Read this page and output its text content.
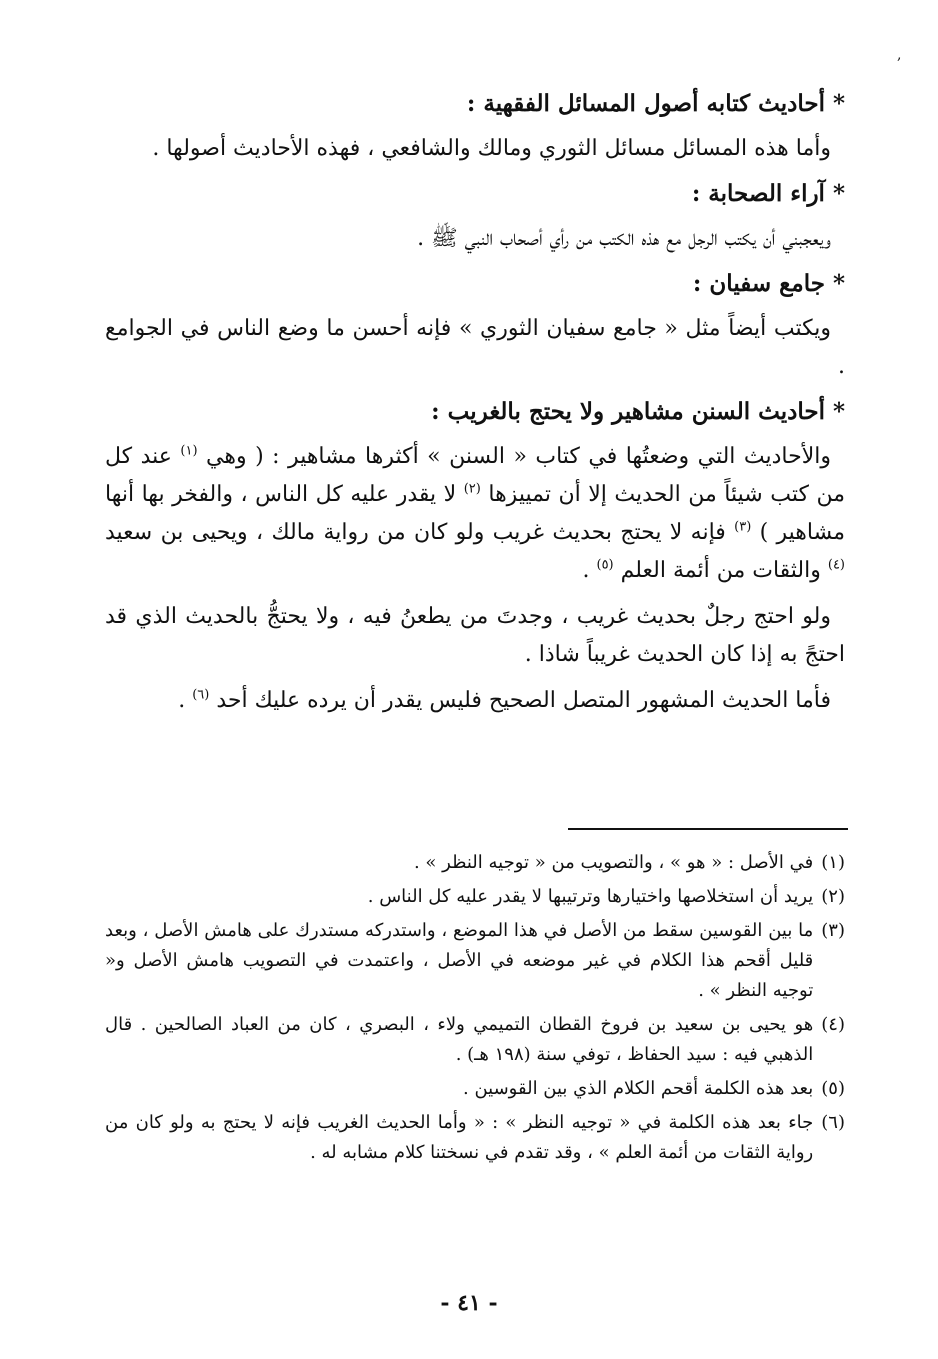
,
* أحاديث كتابه أصول المسائل الفقهية :

وأما هذه المسائل مسائل الثوري ومالك والشافعي ، فهذه الأحاديث أصولها .

* آراء الصحابة :

ويعجبني أن يكتب الرجل مع هذه الكتب من رأي أصحاب النبي ﷺ .

* جامع سفيان :

ويكتب أيضاً مثل « جامع سفيان الثوري » فإنه أحسن ما وضع الناس في الجوامع .

* أحاديث السنن مشاهير ولا يحتج بالغريب :

والأحاديث التي وضعتُها في كتاب « السنن » أكثرها مشاهير : ( وهي $^{(١)}$ عند كل من كتب شيئاً من الحديث إلا أن تمييزها $^{(٢)}$ لا يقدر عليه كل الناس ، والفخر بها أنها مشاهير ) $^{(٣)}$ فإنه لا يحتج بحديث غريب ولو كان من رواية مالك ، ويحيى بن سعيد $^{(٤)}$ والثقات من أئمة العلم $^{(٥)}$ .

ولو احتج رجلٌ بحديث غريب ، وجدتَ من يطعنُ فيه ، ولا يحتجُّ بالحديث الذي قد احتجً به إذا كان الحديث غريباً شاذا .

فأما الحديث المشهور المتصل الصحيح فليس يقدر أن يرده عليك أحد $^{(٦)}$ .

(١)
في الأصل : « هو » ، والتصويب من « توجيه النظر » .
(٢)
يريد أن استخلاصها واختيارها وترتيبها لا يقدر عليه كل الناس .
(٣)
ما بين القوسين سقط من الأصل في هذا الموضع ، واستدركه مستدرك على هامش الأصل ، وبعد قليل أقحم هذا الكلام في غير موضعه في الأصل ، واعتمدت في التصويب هامش الأصل و« توجيه النظر » .
(٤)
هو يحيى بن سعيد بن فروخ القطان التميمي ولاء ، البصري ، كان من العباد الصالحين . قال الذهبي فيه : سيد الحفاظ ، توفي سنة (١٩٨ هـ) .
(٥)
بعد هذه الكلمة أقحم الكلام الذي بين القوسين .
(٦)
جاء بعد هذه الكلمة في « توجيه النظر » : « وأما الحديث الغريب فإنه لا يحتج به ولو كان من رواية الثقات من أئمة العلم » ، وقد تقدم في نسختنا كلام مشابه له .
- ٤١ -
